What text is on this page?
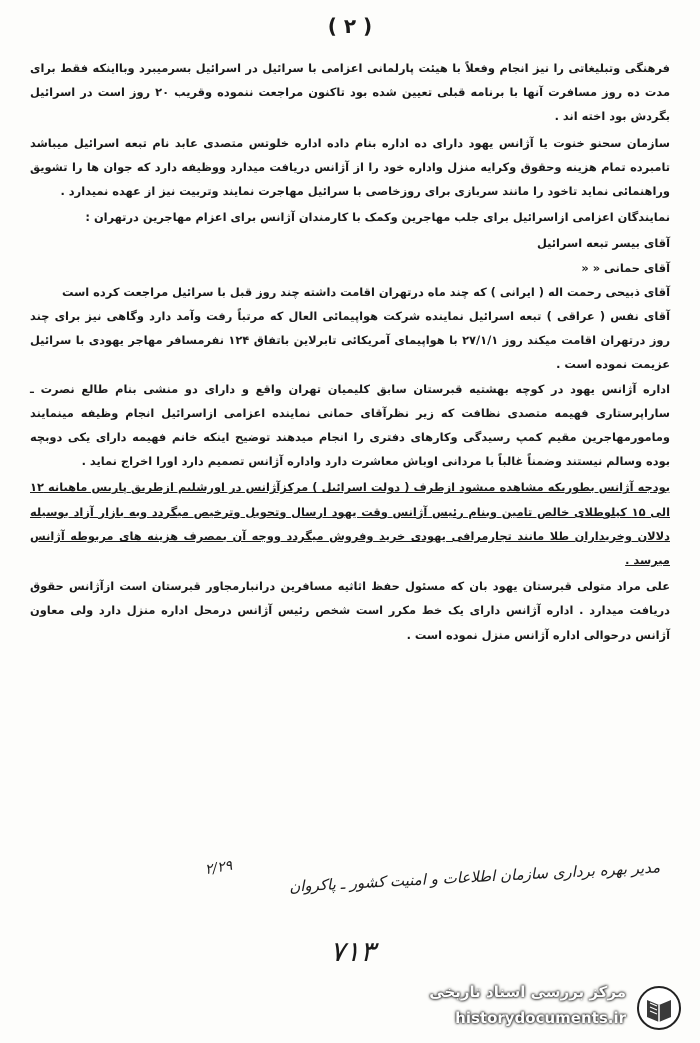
( ۲ )

فرهنگی وتبلیغاتی را نیز انجام وفعلاً با هیئت پارلمانی اعزامی با سرائیل در اسرائیل بسرمیبرد وبااینکه فقط برای مدت ده روز مسافرت آنها با برنامه قبلی تعیین شده بود تاکنون مراجعت ننموده وقریب ۲۰ روز است در اسرائیل بگردش بود اخته اند .

سازمان سحنو خنوت یا آژانس یهود دارای ده اداره بنام داده اداره خلوتس متصدی عابد نام تبعه اسرائیل میباشد تامبرده تمام هزینه وحقوق وکرایه منزل واداره خود را از آژانس دریافت میدارد ووظیفه دارد که جوان ها را تشویق وراهنمائی نماید تاخود را مانند سربازی برای روزخاصی با سرائیل مهاجرت نمایند وتربیت نیز از عهده نمیدارد .

نمایندگان اعزامی ازاسرائیل برای جلب مهاجرین وکمک با کارمندان آژانس برای اعزام مهاجرین درتهران :

آقای بیسر تبعه اسرائیل
آقای حمانی « «
آقای ذبیحی رحمت اله ( ایرانی ) که چند ماه درتهران اقامت داشته چند روز قبل با سرائیل مراجعت کرده است
آقای نفس ( عراقی ) تبعه اسرائیل نماینده شرکت هواپیمائی العال که مرتباً رفت وآمد دارد وگاهی نیز برای چند روز درتهران اقامت میکند روز ۲۷/۱/۱ با هواپیمای آمریکائی تابرلاین باتفاق ۱۲۴ نفرمسافر مهاجر یهودی با سرائیل عزیمت نموده است .

اداره آژانس یهود در کوچه بهشتیه قبرستان سابق کلیمیان تهران واقع و دارای دو منشی بنام طالع نصرت ـ ساراپرستاری فهیمه متصدی نظافت که زیر نظرآقای حمانی نماینده اعزامی ازاسرائیل انجام وظیفه مینمایند ومامورمهاجرین مقیم کمپ رسیدگی وکارهای دفتری را انجام میدهند توضیح اینکه خانم فهیمه دارای یکی دوبچه بوده وسالم نیستند وضمناً غالباً با مردانی اوباش معاشرت دارد واداره آژانس تصمیم دارد اورا اخراج نماید .

بودجه آژانس بطوریکه مشاهده میشود ازطرف ( دولت اسرائیل ) مرکزآژانس در اورشلیم ازطریق پاریس ماهیانه ۱۲ الی ۱۵ کیلوطلای خالص تامین وبنام رئیس آژانس وقت یهود ارسال وتحویل وترخیص میگردد وبه بازار آزاد بوسیله دلالان وخریداران طلا مانند تجارمرافی یهودی خرید وفروش میگردد ووجه آن بمصرف هزینه های مربوطه آژانس میرسد .

علی مراد متولی قبرستان یهود بان که مسئول حفظ اثاثیه مسافرین درانبارمجاور قبرستان است ازآژانس حقوق دریافت میدارد . اداره آژانس دارای یک خط مکرر است شخص رئیس آژانس درمحل اداره منزل دارد ولی معاون آژانس درحوالی اداره آژانس منزل نموده است .

۲/۲۹	مدیر بهره برداری سازمان اطلاعات و امنیت کشور ـ پاکروان
۷۱۳
مرکز بررسی اسناد تاریخی
historydocuments.ir
